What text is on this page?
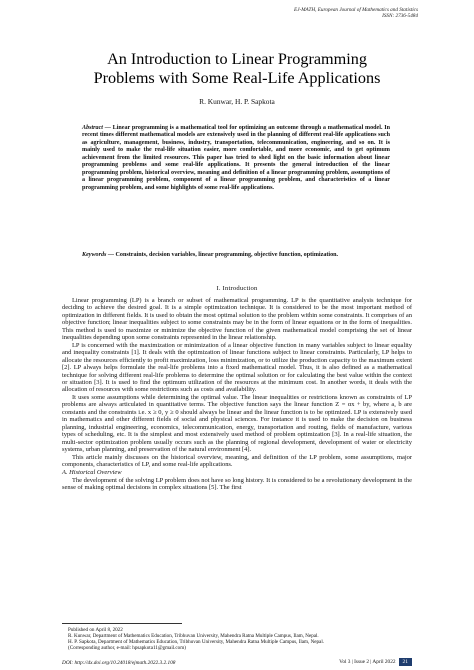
EJ-MATH, European Journal of Mathematics and Statistics
ISSN: 2736-5484
An Introduction to Linear Programming
Problems with Some Real-Life Applications
R. Kunwar, H. P. Sapkota
Abstract — Linear programming is a mathematical tool for optimizing an outcome through a mathematical model. In recent times different mathematical models are extensively used in the planning of different real-life applications such as agriculture, management, business, industry, transportation, telecommunication, engineering, and so on. It is mainly used to make the real-life situation easier, more comfortable, and more economic, and to get optimum achievement from the limited resources. This paper has tried to shed light on the basic information about linear programming problems and some real-life applications. It presents the general introduction of the linear programming problem, historical overview, meaning and definition of a linear programming problem, assumptions of a linear programming problem, component of a linear programming problem, and characteristics of a linear programming problem, and some highlights of some real-life applications.
Keywords — Constraints, decision variables, linear programming, objective function, optimization.
I. Introduction

Linear programming (LP) is a branch or subset of mathematical programming. LP is the quantitative analysis technique for deciding to achieve the desired goal. It is a simple optimization technique. It is considered to be the most important method of optimization in different fields. It is used to obtain the most optimal solution to the problem within some constraints. It comprises of an objective function; linear inequalities subject to some constraints may be in the form of linear equations or in the form of inequalities. This method is used to maximize or minimize the objective function of the given mathematical model comprising the set of linear inequalities depending upon some constraints represented in the linear relationship.

LP is concerned with the maximization or minimization of a linear objective function in many variables subject to linear equality and inequality constraints [1]. It deals with the optimization of linear functions subject to linear constraints. Particularly, LP helps to allocate the resources efficiently to profit maximization, loss minimization, or to utilize the production capacity to the maximum extent [2]. LP always helps formulate the real-life problems into a fixed mathematical model. Thus, it is also defined as a mathematical technique for solving different real-life problems to determine the optimal solution or for calculating the best value within the context or situation [3]. It is used to find the optimum utilization of the resources at the minimum cost. In another words, it deals with the allocation of resources with some restrictions such as costs and availability.

It uses some assumptions while determining the optimal value. The linear inequalities or restrictions known as constraints of LP problems are always articulated in quantitative terms. The objective function says the linear function Z = αx + by, where a, b are constants and the constraints i.e. x ≥ 0, y ≥ 0 should always be linear and the linear function is to be optimized. LP is extensively used in mathematics and other different fields of social and physical sciences. For instance it is used to make the decision on business planning, industrial engineering, economics, telecommunication, energy, transportation and routing, fields of manufacture, various types of scheduling, etc. It is the simplest and most extensively used method of problem optimization [3]. In a real-life situation, the multi-sector optimization problem usually occurs such as the planning of regional development, development of water or electricity systems, urban planning, and preservation of the natural environment [4].

This article mainly discusses on the historical overview, meaning, and definition of the LP problem, some assumptions, major components, characteristics of LP, and some real-life applications.

A. Historical Overview

The development of the solving LP problem does not have so long history. It is considered to be a revolutionary development in the sense of making optimal decisions in complex situations [5]. The first

Published on April 8, 2022
R. Kunwar, Department of Mathematics Education, Tribhuvan University, Mahendra Ratna Multiple Campus, Ilam, Nepal.
H. P. Sapkota, Department of Mathematics Education, Tribhuvan University, Mahendra Ratna Multiple Campus, Ilam, Nepal.
(Corresponding author, e-mail: hpsapkota11@gmail.com)
DOI: http://dx.doi.org/10.24018/ejmath.2022.3.2.108	Vol 3 | Issue 2 | April 2022	21
